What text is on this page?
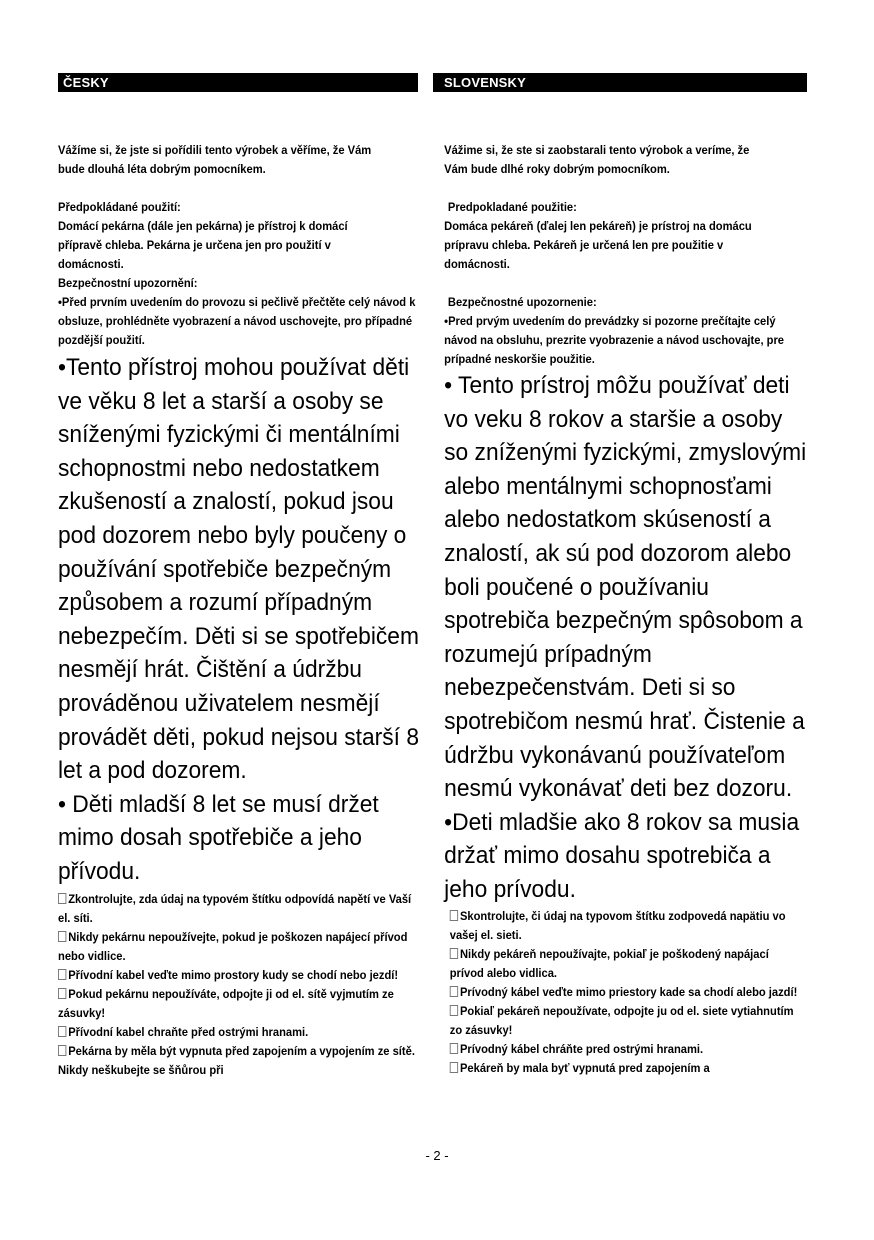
ČESKY

Vážíme si, že jste si pořídili tento výrobek a věříme, že Vám bude dlouhá léta dobrým pomocníkem.

Předpokládané použití:

Domácí pekárna (dále jen pekárna) je přístroj k domácí přípravě chleba. Pekárna je určena jen pro použití v domácnosti.

Bezpečnostní upozornění:

•Před prvním uvedením do provozu si pečlivě přečtěte celý návod k obsluze, prohlédněte vyobrazení a návod uschovejte, pro případné pozdější použití.

•Tento přístroj mohou používat děti ve věku 8 let a starší a osoby se sníženými fyzickými či mentálními schopnostmi nebo nedostatkem zkušeností a znalostí, pokud jsou pod dozorem nebo byly poučeny o používání spotřebiče bezpečným způsobem a rozumí případným nebezpečím. Děti si se spotřebičem nesmějí hrát. Čištění a údržbu prováděnou uživatelem nesmějí provádět děti, pokud nejsou starší 8 let a pod dozorem.

• Děti mladší 8 let se musí držet mimo dosah spotřebiče a jeho přívodu.

Zkontrolujte, zda údaj na typovém štítku odpovídá napětí ve Vaší el. síti.

Nikdy pekárnu nepoužívejte, pokud je poškozen napájecí přívod nebo vidlice.

Přívodní kabel veďte mimo prostory kudy se chodí nebo jezdí!

Pokud pekárnu nepoužíváte, odpojte ji od el. sítě vyjmutím ze zásuvky!

Přívodní kabel chraňte před ostrými hranami.

Pekárna by měla být vypnuta před zapojením a vypojením ze sítě. Nikdy neškubejte se šňůrou při

SLOVENSKY

Vážime si, že ste si zaobstarali tento výrobok a veríme, že Vám bude dlhé roky dobrým pomocníkom.

Predpokladané použitie:

Domáca pekáreň (ďalej len pekáreň) je prístroj na domácu prípravu chleba. Pekáreň je určená len pre použitie v domácnosti.

Bezpečnostné upozornenie:

•Pred prvým uvedením do prevádzky si pozorne prečítajte celý návod na obsluhu, prezrite vyobrazenie a návod uschovajte, pre prípadné neskoršie použitie.

• Tento prístroj môžu používať deti vo veku 8 rokov a staršie a osoby so zníženými fyzickými, zmyslovými alebo mentálnymi schopnosťami alebo nedostatkom skúseností a znalostí, ak sú pod dozorom alebo boli poučené o používaniu spotrebiča bezpečným spôsobom a rozumejú prípadným nebezpečenstvám. Deti si so spotrebičom nesmú hrať. Čistenie a údržbu vykonávanú používateľom nesmú vykonávať deti bez dozoru.

•Deti mladšie ako 8 rokov sa musia držať mimo dosahu spotrebiča a jeho prívodu.

Skontrolujte, či údaj na typovom štítku zodpovedá napätiu vo vašej el. sieti.

Nikdy pekáreň nepoužívajte, pokiaľ je poškodený napájací prívod alebo vidlica.

Prívodný kábel veďte mimo priestory kade sa chodí alebo jazdí!

Pokiaľ pekáreň nepoužívate, odpojte ju od el. siete vytiahnutím zo zásuvky!

Prívodný kábel chráňte pred ostrými hranami.

Pekáreň by mala byť vypnutá pred zapojením a

- 2 -
